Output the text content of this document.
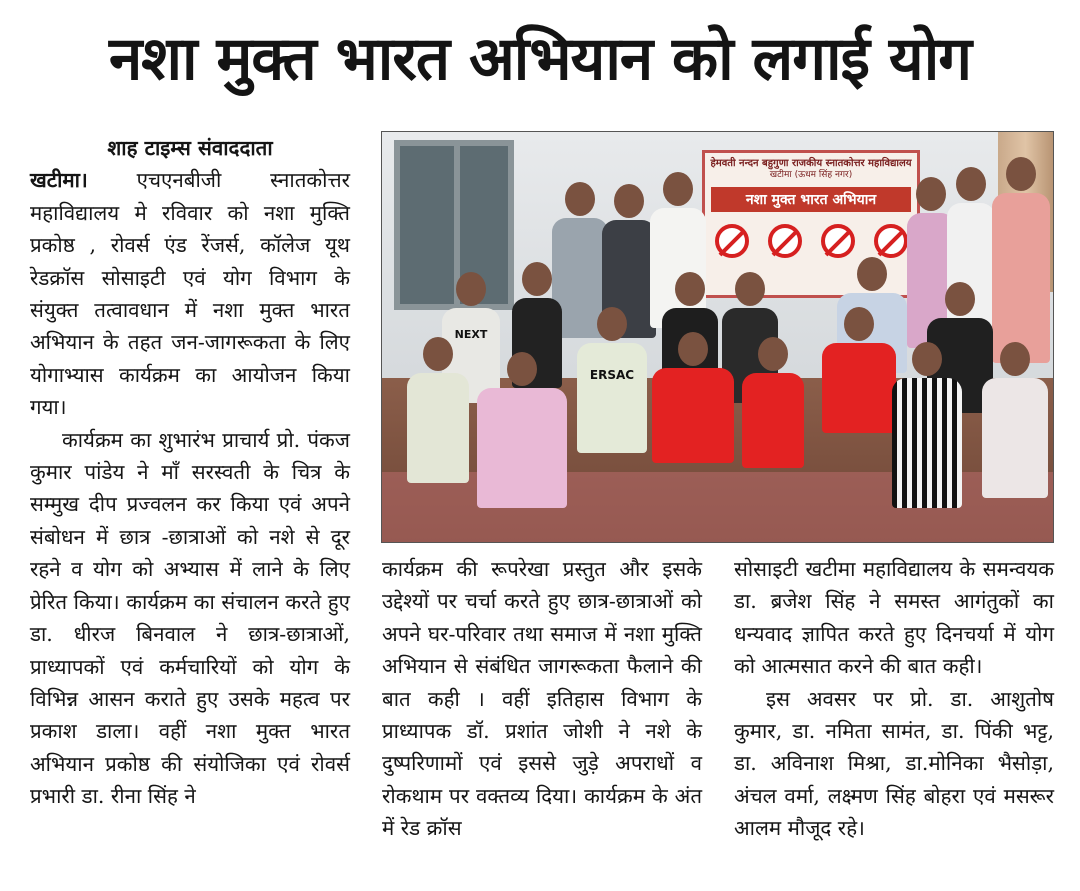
नशा मुक्त भारत अभियान को लगाई योग

शाह टाइम्स संवाददाता

खटीमा। एचएनबीजी स्नातकोत्तर महाविद्यालय मे रविवार को नशा मुक्ति प्रकोष्ठ , रोवर्स एंड रेंजर्स, कॉलेज यूथ रेडक्रॉस सोसाइटी एवं योग विभाग के संयुक्त तत्वावधान में नशा मुक्त भारत अभियान के तहत जन-जागरूकता के लिए योगाभ्यास कार्यक्रम का आयोजन किया गया।

कार्यक्रम का शुभारंभ प्राचार्य प्रो. पंकज कुमार पांडेय ने माँ सरस्वती के चित्र के सम्मुख दीप प्रज्वलन कर किया एवं अपने संबोधन में छात्र -छात्राओं को नशे से दूर रहने व योग को अभ्यास में लाने के लिए प्रेरित किया। कार्यक्रम का संचालन करते हुए डा. धीरज बिनवाल ने छात्र-छात्राओं, प्राध्यापकों एवं कर्मचारियों को योग के विभिन्न आसन कराते हुए उसके महत्व पर प्रकाश डाला। वहीं नशा मुक्त भारत अभियान प्रकोष्ठ की संयोजिका एवं रोवर्स प्रभारी डा. रीना सिंह ने

हेमवती नन्दन बहुगुणा राजकीय स्नातकोत्तर महाविद्यालय
खटीमा (ऊधम सिंह नगर)
नशा मुक्त भारत अभियान
NEXT
ERSAC

कार्यक्रम की रूपरेखा प्रस्तुत और इसके उद्देश्यों पर चर्चा करते हुए छात्र-छात्राओं को अपने घर-परिवार तथा समाज में नशा मुक्ति अभियान से संबंधित जागरूकता फैलाने की बात कही । वहीं इतिहास विभाग के प्राध्यापक डॉ. प्रशांत जोशी ने नशे के दुष्परिणामों एवं इससे जुड़े अपराधों व रोकथाम पर वक्तव्य दिया। कार्यक्रम के अंत में रेड क्रॉस

सोसाइटी खटीमा महाविद्यालय के समन्वयक डा. ब्रजेश सिंह ने समस्त आगंतुकों का धन्यवाद ज्ञापित करते हुए दिनचर्या में योग को आत्मसात करने की बात कही।

इस अवसर पर प्रो. डा. आशुतोष कुमार, डा. नमिता सामंत, डा. पिंकी भट्ट, डा. अविनाश मिश्रा, डा.मोनिका भैसोड़ा, अंचल वर्मा, लक्ष्मण सिंह बोहरा एवं मसरूर आलम मौजूद रहे।
